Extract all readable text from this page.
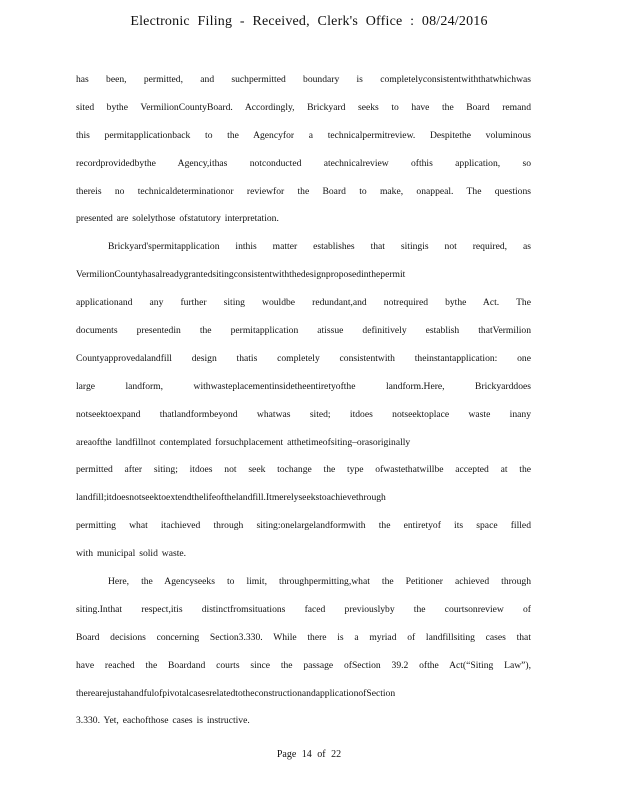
Electronic Filing - Received, Clerk's Office : 08/24/2016
has been, permitted, and suchpermitted boundary is completelyconsistentwiththatwhichwas
sited bythe VermilionCountyBoard. Accordingly, Brickyard seeks to have the Board remand
this permitapplicationback to the Agencyfor a technicalpermitreview. Despitethe voluminous
recordprovidedbythe Agency,ithas notconducted atechnicalreview ofthis application, so
thereis no technicaldeterminationor reviewfor the Board to make, onappeal. The questions
presented are solelythose ofstatutory interpretation.
Brickyard'spermitapplication inthis matter establishes that sitingis not required, as
VermilionCountyhasalreadygrantedsitingconsistentwiththedesignproposedinthepermit
applicationand any further siting wouldbe redundant,and notrequired bythe Act. The
documents presentedin the permitapplication atissue definitively establish thatVermilion
Countyapprovedalandfill design thatis completely consistentwith theinstantapplication: one
large landform, withwasteplacementinsidetheentiretyofthe landform.Here, Brickyarddoes
notseektoexpand thatlandformbeyond whatwas sited; itdoes notseektoplace waste inany
areaofthe landfillnot contemplated forsuchplacement atthetimeofsiting–orasoriginally
permitted after siting; itdoes not seek tochange the type ofwastethatwillbe accepted at the
landfill;itdoesnotseektoextendthelifeofthelandfill.Itmerelyseekstoachievethrough
permitting what itachieved through siting:onelargelandformwith the entiretyof its space filled
with municipal solid waste.
Here, the Agencyseeks to limit, throughpermitting,what the Petitioner achieved through
siting.Inthat respect,itis distinctfromsituations faced previouslyby the courtsonreview of
Board decisions concerning Section3.330. While there is a myriad of landfillsiting cases that
have reached the Boardand courts since the passage ofSection 39.2 ofthe Act(“Siting Law”),
therearejustahandfulofpivotalcasesrelatedtotheconstructionandapplicationofSection
3.330. Yet, eachofthose cases is instructive.
Page 14 of 22
